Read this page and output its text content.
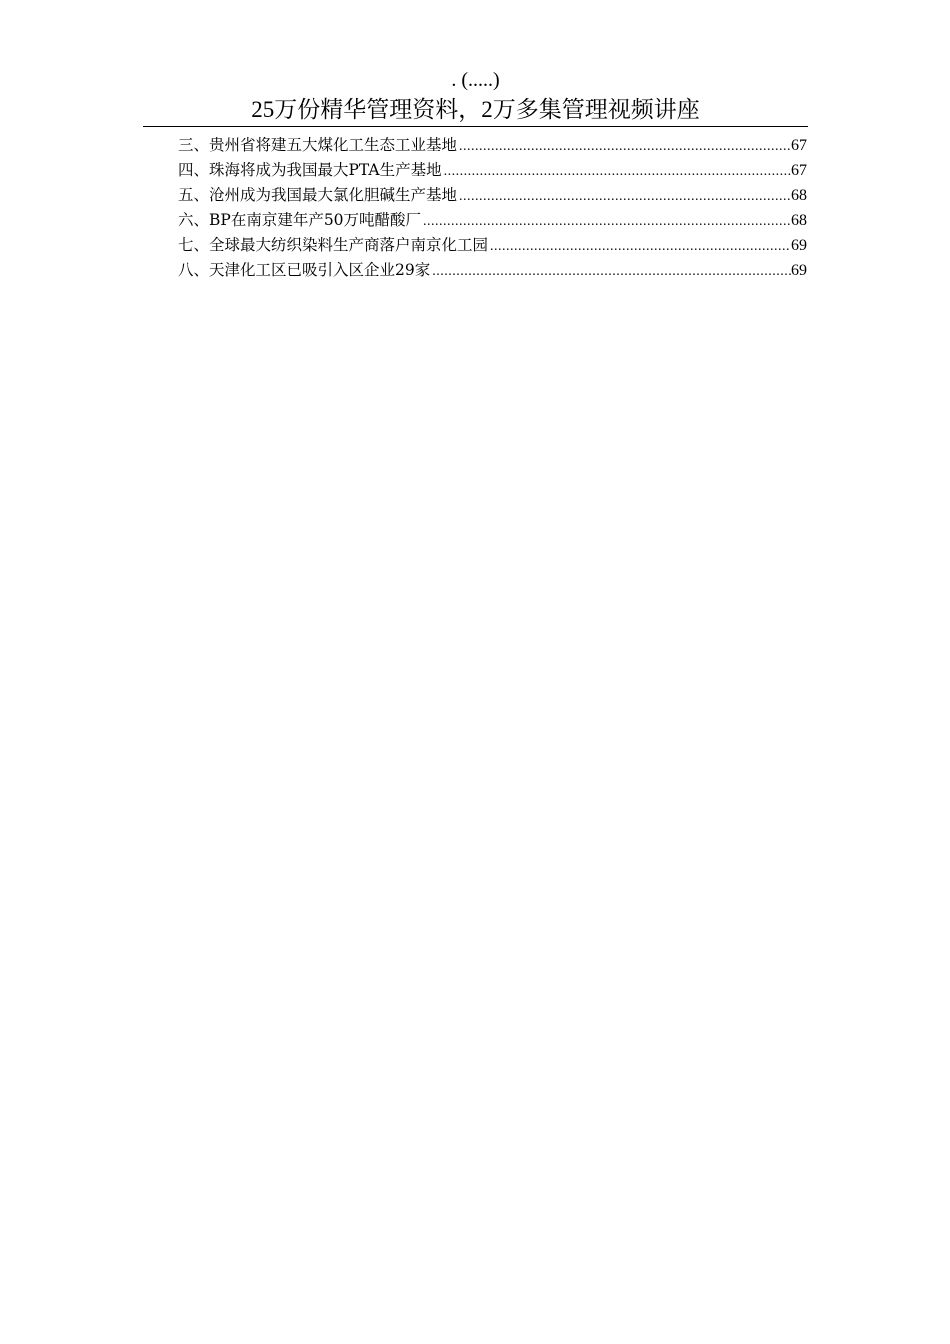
. (.....)
25万份精华管理资料，2万多集管理视频讲座
三、贵州省将建五大煤化工生态工业基地 .....	67
四、珠海将成为我国最大PTA生产基地 .....	67
五、沧州成为我国最大氯化胆碱生产基地 .....	68
六、BP在南京建年产50万吨醋酸厂 .....	68
七、全球最大纺织染料生产商落户南京化工园 .....	69
八、天津化工区已吸引入区企业29家 .....	69
